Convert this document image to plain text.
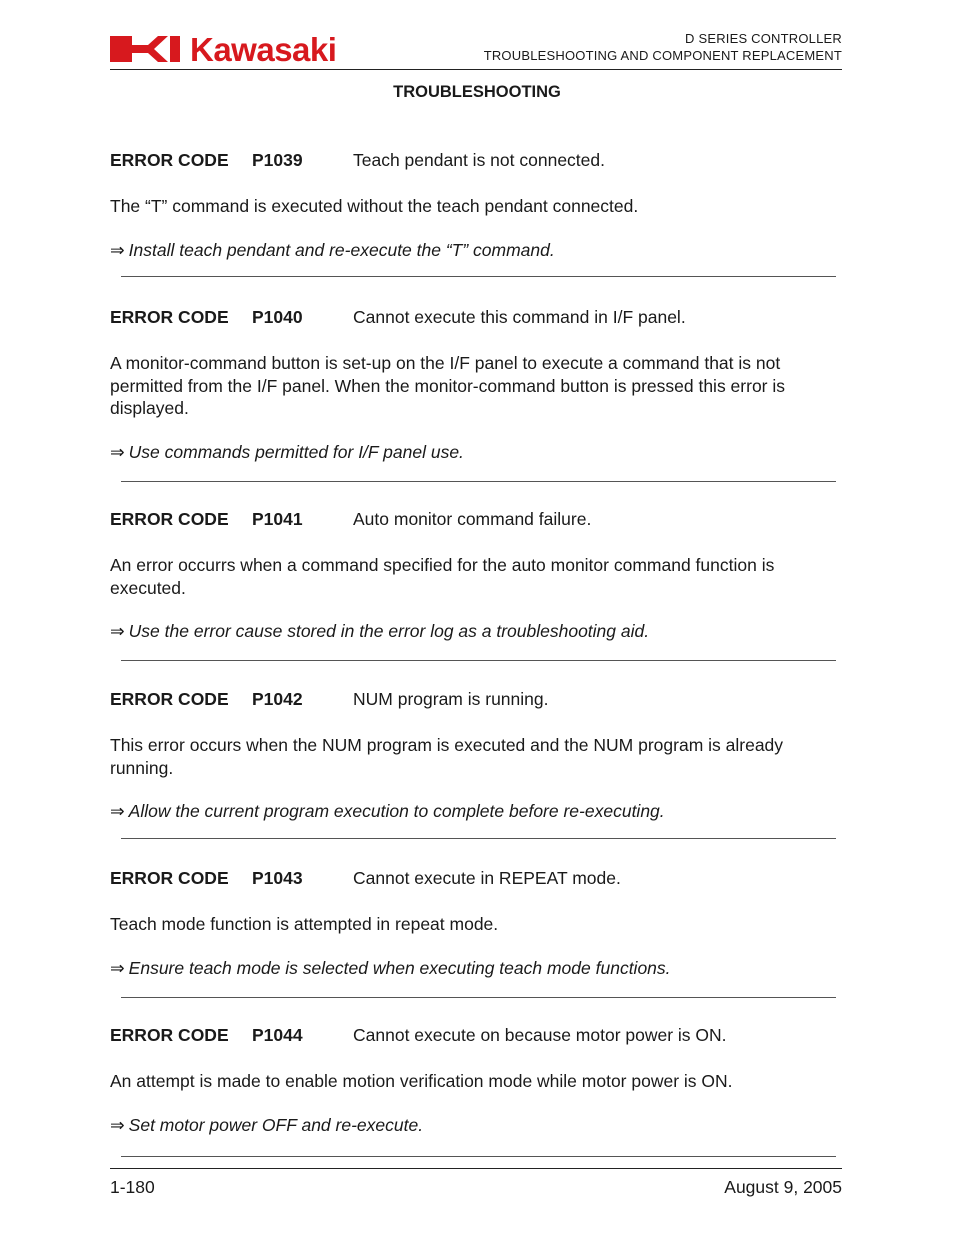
Kawasaki	D SERIES CONTROLLER
TROUBLESHOOTING AND COMPONENT REPLACEMENT
TROUBLESHOOTING
ERROR CODE P1039	Teach pendant is not connected.
The “T” command is executed without the teach pendant connected.
⇒ Install teach pendant and re-execute the “T” command.
ERROR CODE P1040	Cannot execute this command in I/F panel.
A monitor-command button is set-up on the I/F panel to execute a command that is not permitted from the I/F panel. When the monitor-command button is pressed this error is displayed.
⇒ Use commands permitted for I/F panel use.
ERROR CODE P1041	Auto monitor command failure.
An error occurrs when a command specified for the auto monitor command function is executed.
⇒ Use the error cause stored in the error log as a troubleshooting aid.
ERROR CODE P1042	NUM program is running.
This error occurs when the NUM program is executed and the NUM program is already running.
⇒ Allow the current program execution to complete before re-executing.
ERROR CODE P1043	Cannot execute in REPEAT mode.
Teach mode function is attempted in repeat mode.
⇒ Ensure teach mode is selected when executing teach mode functions.
ERROR CODE P1044	Cannot execute on because motor power is ON.
An attempt is made to enable motion verification mode while motor power is ON.
⇒ Set motor power OFF and re-execute.
1-180	August 9, 2005
